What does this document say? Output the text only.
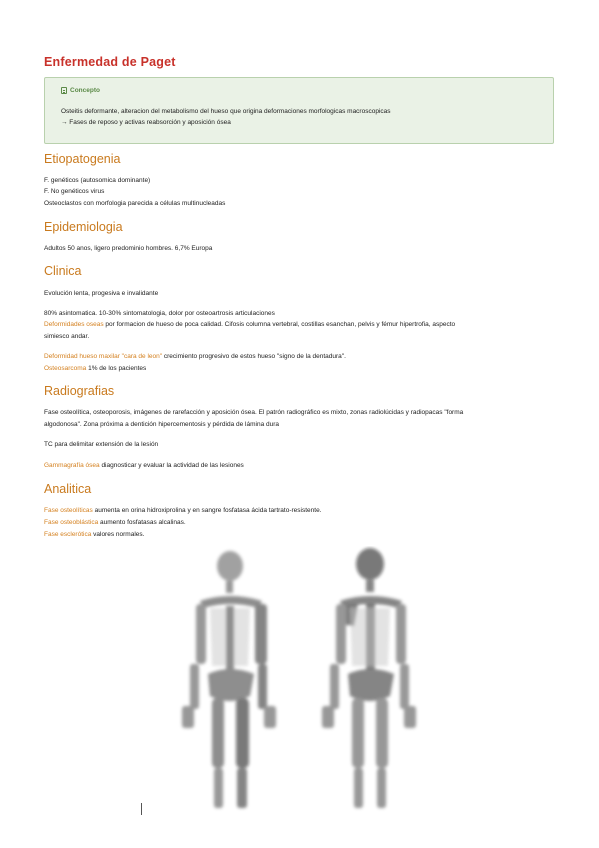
Enfermedad de Paget
Concepto
Osteitis deformante, alteracion del metabolismo del hueso que origina deformaciones morfologicas macroscopicas
→ Fases de reposo y activas reabsorción y aposición ósea
Etiopatogenia
F. genéticos (autosomica dominante)
F. No genéticos virus
Osteoclastos con morfologia parecida a células multinucleadas
Epidemiologia
Adultos 50 anos, ligero predominio hombres. 6,7% Europa
Clinica
Evolución lenta, progesiva e invalidante
80% asintomatica. 10-30% sintomatologia, dolor por osteoartrosis articulaciones
Deformidades oseas por formacion de hueso de poca calidad. Cifosis columna vertebral, costillas esanchan, pelvis y fémur hipertrofia, aspecto
simiesco andar.
Deformidad hueso maxilar "cara de leon" crecimiento progresivo de estos hueso "signo de la dentadura".
Osteosarcoma 1% de los pacientes
Radiografias
Fase osteolítica, osteoporosis, imágenes de rarefacción y aposición ósea. El patrón radiográfico es mixto, zonas radiolúcidas y radiopacas "forma
algodonosa". Zona próxima a dentición hipercementosis y pérdida de lámina dura
TC para delimitar extensión de la lesión
Gammagrafía ósea diagnosticar y evaluar la actividad de las lesiones
Analitica
Fase osteolíticas aumenta en orina hidroxiprolina y en sangre fosfatasa ácida tartrato-resistente.
Fase osteoblástica aumento fosfatasas alcalinas.
Fase esclerótica valores normales.
